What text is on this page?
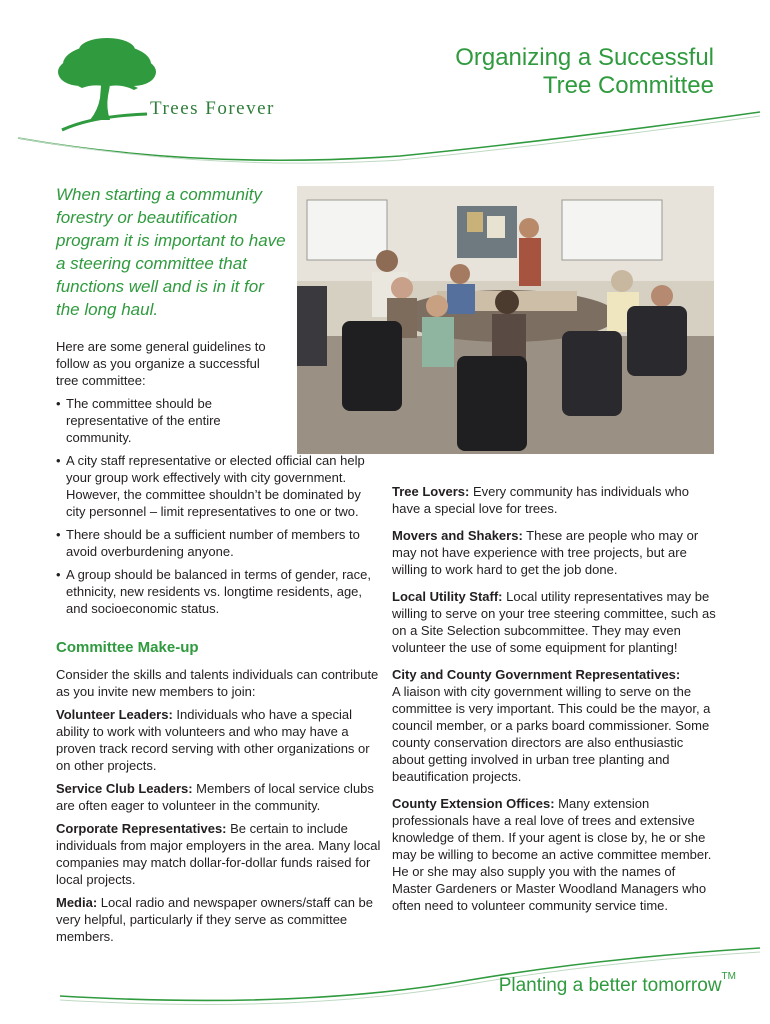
Trees Forever
Organizing a Successful
Tree Committee
When starting a community forestry or beautification program it is important to have a steering committee that functions well and is in it for the long haul.

Here are some general guidelines to follow as you organize a successful tree committee:

• The committee should be representative of the entire community.
• A city staff representative or elected official can help your group work effectively with city government. However, the committee shouldn’t be dominated by city personnel – limit representatives to one or two.
• There should be a sufficient number of members to avoid overburdening anyone.
• A group should be balanced in terms of gender, race, ethnicity, new residents vs. longtime residents, age, and socioeconomic status.
Committee Make-up

Consider the skills and talents individuals can contribute as you invite new members to join:

Volunteer Leaders: Individuals who have a special ability to work with volunteers and who may have a proven track record serving with other organizations or on other projects.

Service Club Leaders: Members of local service clubs are often eager to volunteer in the community.

Corporate Representatives: Be certain to include individuals from major employers in the area. Many local companies may match dollar-for-dollar funds raised for local projects.

Media: Local radio and newspaper owners/staff can be very helpful, particularly if they serve as committee members.

Tree Lovers: Every community has individuals who have a special love for trees.

Movers and Shakers: These are people who may or may not have experience with tree projects, but are willing to work hard to get the job done.

Local Utility Staff: Local utility representatives may be willing to serve on your tree steering committee, such as on a Site Selection subcommittee. They may even volunteer the use of some equipment for planting!

City and County Government Representatives:
A liaison with city government willing to serve on the committee is very important. This could be the mayor, a council member, or a parks board commissioner. Some county conservation directors are also enthusiastic about getting involved in urban tree planting and beautification projects.

County Extension Offices: Many extension professionals have a real love of trees and extensive knowledge of them. If your agent is close by, he or she may be willing to become an active committee member. He or she may also supply you with the names of Master Gardeners or Master Woodland Managers who often need to volunteer community service time.

Planting a better tomorrow™
